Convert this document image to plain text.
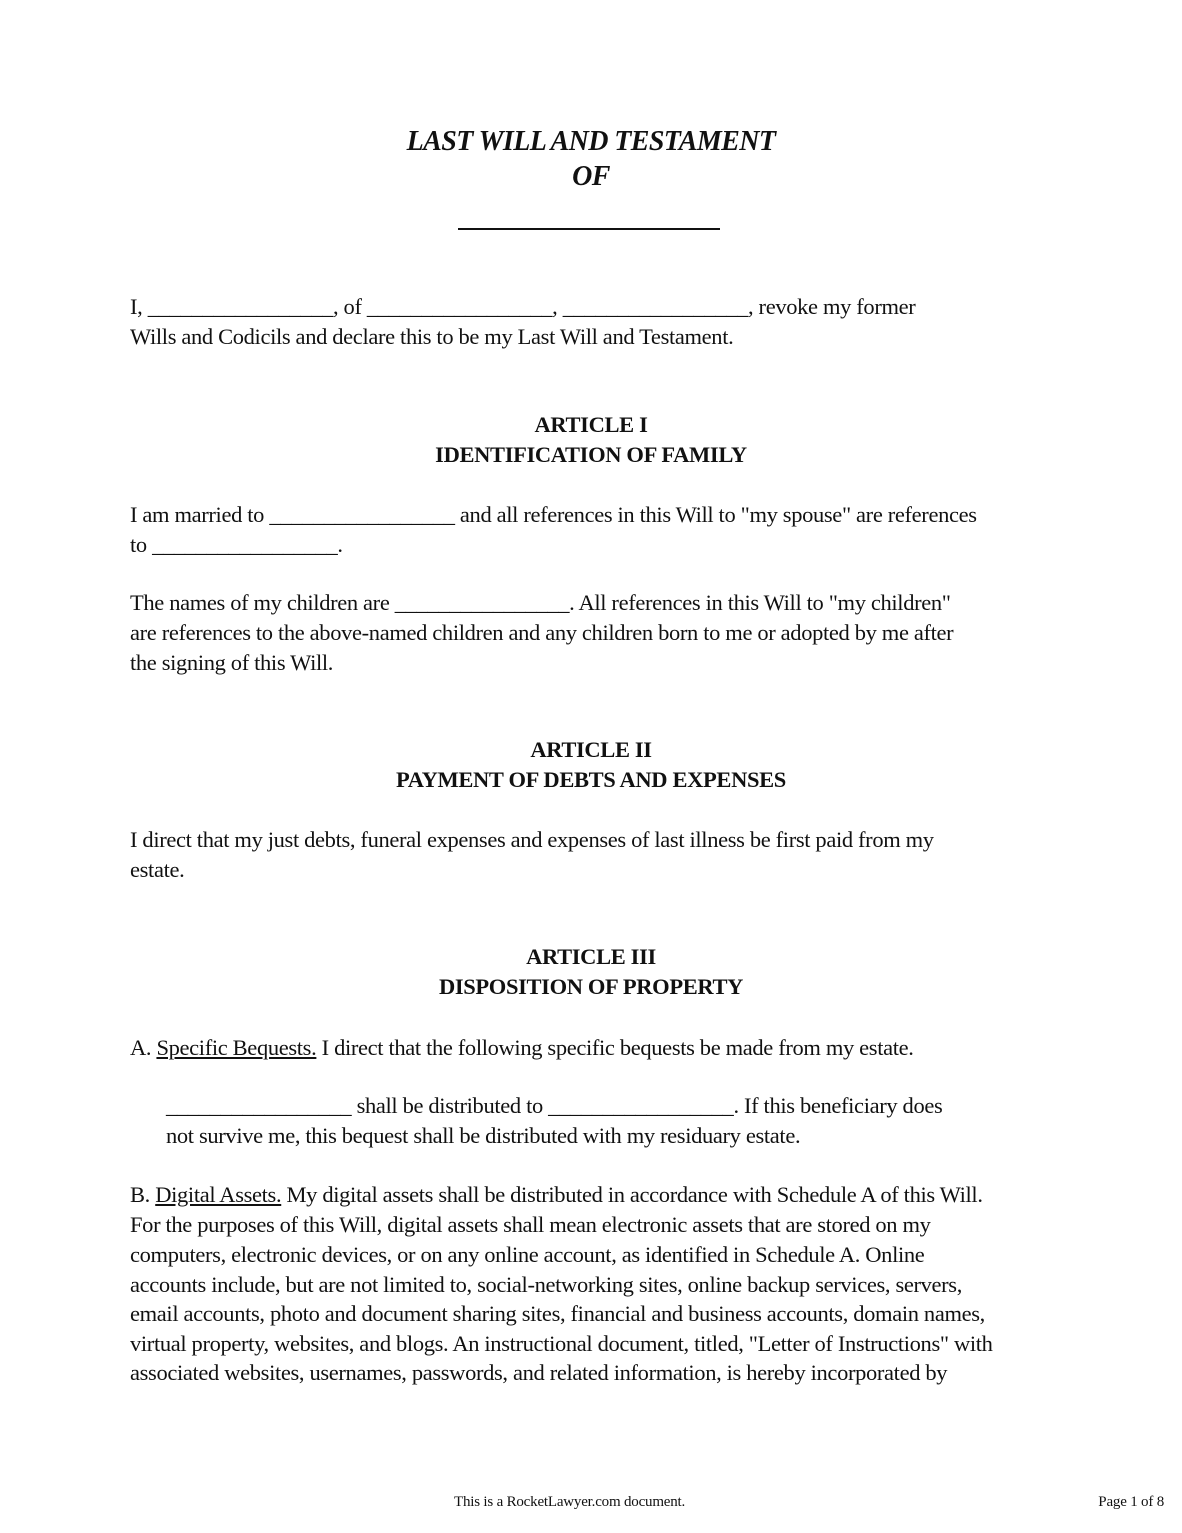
LAST WILL AND TESTAMENT
OF
I, _________________, of _________________, _________________, revoke my former
Wills and Codicils and declare this to be my Last Will and Testament.
ARTICLE I
IDENTIFICATION OF FAMILY
I am married to _________________ and all references in this Will to "my spouse" are references
to _________________.
The names of my children are ________________. All references in this Will to "my children"
are references to the above-named children and any children born to me or adopted by me after
the signing of this Will.
ARTICLE II
PAYMENT OF DEBTS AND EXPENSES
I direct that my just debts, funeral expenses and expenses of last illness be first paid from my
estate.
ARTICLE III
DISPOSITION OF PROPERTY
A. Specific Bequests. I direct that the following specific bequests be made from my estate.
_________________ shall be distributed to _________________. If this beneficiary does
not survive me, this bequest shall be distributed with my residuary estate.
B. Digital Assets. My digital assets shall be distributed in accordance with Schedule A of this Will.
For the purposes of this Will, digital assets shall mean electronic assets that are stored on my
computers, electronic devices, or on any online account, as identified in Schedule A. Online
accounts include, but are not limited to, social-networking sites, online backup services, servers,
email accounts, photo and document sharing sites, financial and business accounts, domain names,
virtual property, websites, and blogs. An instructional document, titled, "Letter of Instructions" with
associated websites, usernames, passwords, and related information, is hereby incorporated by
This is a RocketLawyer.com document.	Page 1 of 8
